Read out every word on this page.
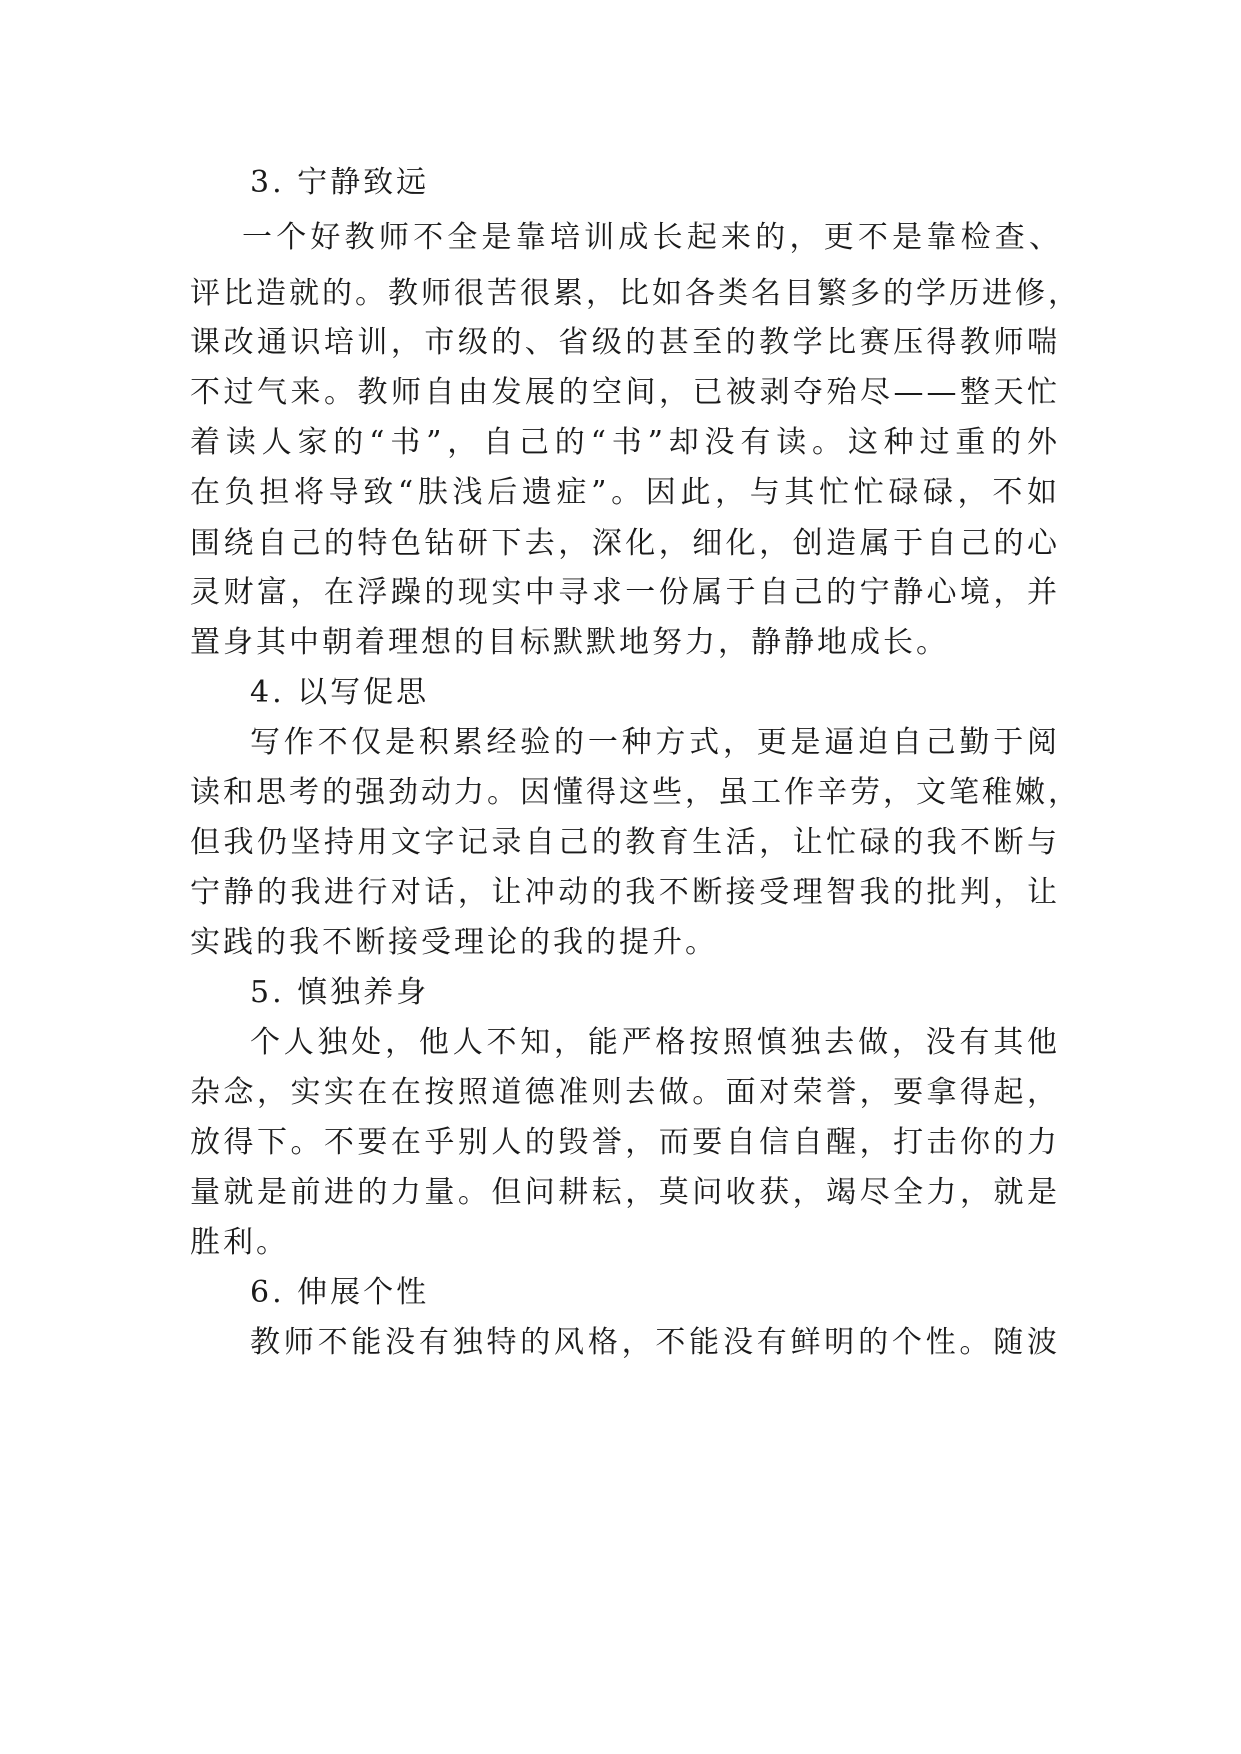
3. 宁静致远
一个好教师不全是靠培训成长起来的，更不是靠检查、
评比造就的。教师很苦很累，比如各类名目繁多的学历进修，
课改通识培训，市级的、省级的甚至的教学比赛压得教师喘
不过气来。教师自由发展的空间，已被剥夺殆尽——整天忙
着读人家的“书”，自己的“书”却没有读。这种过重的外
在负担将导致“肤浅后遗症”。因此，与其忙忙碌碌，不如
围绕自己的特色钻研下去，深化，细化，创造属于自己的心
灵财富，在浮躁的现实中寻求一份属于自己的宁静心境，并
置身其中朝着理想的目标默默地努力，静静地成长。
4. 以写促思
写作不仅是积累经验的一种方式，更是逼迫自己勤于阅
读和思考的强劲动力。因懂得这些，虽工作辛劳，文笔稚嫩，
但我仍坚持用文字记录自己的教育生活，让忙碌的我不断与
宁静的我进行对话，让冲动的我不断接受理智我的批判，让
实践的我不断接受理论的我的提升。
5. 慎独养身
个人独处，他人不知，能严格按照慎独去做，没有其他
杂念，实实在在按照道德准则去做。面对荣誉，要拿得起，
放得下。不要在乎别人的毁誉，而要自信自醒，打击你的力
量就是前进的力量。但问耕耘，莫问收获，竭尽全力，就是
胜利。
6. 伸展个性
教师不能没有独特的风格，不能没有鲜明的个性。随波
